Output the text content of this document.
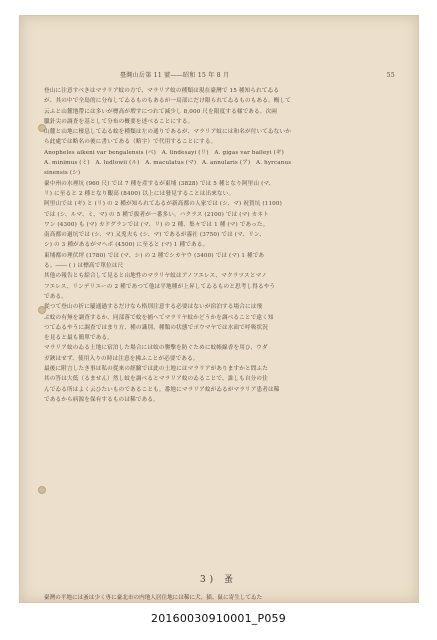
臺灣山岳第 11 號――昭和 15 年 8 月	55
登山に注意すべきはマラリア蚊の方で、マラリア蚊の種類は現在臺灣で 15 種知られてゐる
が、其の中で全島的に分布してゐるものもあるが一局部にだけ限られてゐるものもある。概して
云ふと山麓地帶には多いが標高が増すにつれて減少し 8,000 尺を限度する様である。次兩
臘針尖の調査を基として分布の概要を述べることにする。
山麓と山地に棲息してゐる蚊を種類は左の通りであるが、マラリア蚊には和名が付いてゐないか
ら此處では略名の後に書いてある（略字）で代用することにする。
Anopheles aikeni var bengalensis (ベ)　A. lindesayi (リ)　A. gigas var baileyi (ギ)
A. minimus (ミ)　A. ludlowii (ル)　A. maculatus (マ)　A. annularis (ア)　A. hyrcanus
sinensis (シ)
臺中州の水裡坑 (960 尺) では 7 種を産するが東埔 (3828) では 5 種となり阿里山 (マ、
リ) に至ると 2 種となり觀高 (8400) 以上には發見することは出來ない。
阿里山では (ギ) と (リ) の 2 種が知られてゐるが新高都の人家では (シ、マ) 祝賀坑 (1100)
では (シ、ルマ、ミ、マ) の 5 種で拔者が一番多い。ハクラス (2100) では (マ) カネト
ワン (4300) も (マ) カドグランでは (マ、リ) の 2 種、集々では 1 種 (マ) であった。
南高都の過坑では (シ、マ) 又兎夫も (シ、マ) であるが霧社 (3750) では (マ、リン、
シ) の 3 種があるがマヘボ (4500) に至ると (マ) 1 種である。
東埔都の理伏坪 (1780) では (マ、シ) の 2 種でシカヤウ (3400) では (マ) 1 種であ
る。―― ( ) は標高で單位は尺
其他の報告とも綜合して見ると山地性のマラリヤ蚊はアノフエレス、マクラツスとマノ
フエレス、リンデリユーの 2 種であつて他は平地種が上昇してゐるものと思考し得るやう
である。
從つて登山の折に屢通過するだけなら格別注意する必要はないが宿泊する場合には飛
ぶ蚊の有無を調査するか、同部落で蚊を捕へてマラリヤ蚊かどうかを調べることで遠く知
つてゐるやうに調査ではまり方、種の識別、種類の状態でポウマヤでは水面で呼吸状況
を見ると最も簡單である。
マラリア蚊のゐる土地に宿泊した場合には蚊の襲擊を防ぐために蚊帳線香を用ひ、ウダ
ガ鋏はせず、使用入りの時は注意を拂ふことが必要である。
最後に附言したき事は私の從來の經驗では此の土地にはマラリアがありますかと問ふた
其の答は大低（るません）然し蚊を調べるとマラリア蚊のゐることで、誰しも自分の住
んでゐる所はよく云ひたいものであることも。番地にマラリア蚊がゐるがマラリア患者は稀
であるから病源を保有するものは稀である。
3) 蚤
臺灣の平地には蚤は少く専に臺北市の内地人居住地には稀に犬、猫、鼠に寄生してゐた
20160030910001_P059
